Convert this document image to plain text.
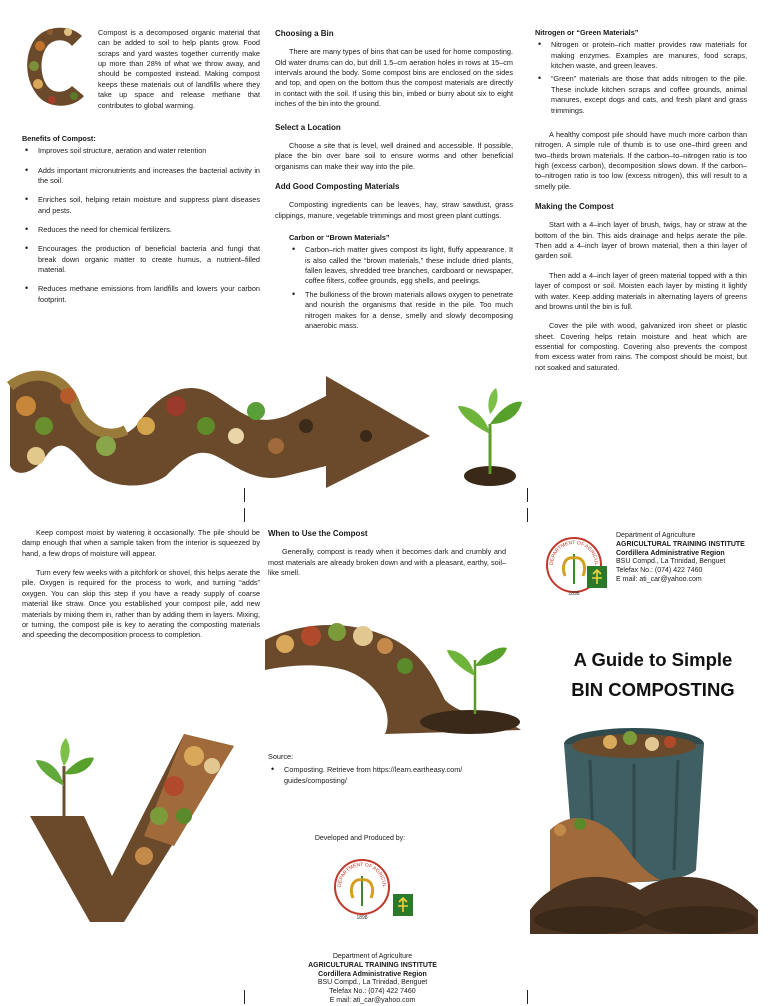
Compost is a decomposed organic material that can be added to soil to help plants grow. Food scraps and yard wastes together currently make up more than 28% of what we throw away, and should be composted instead. Making compost keeps these materials out of landfills where they take up space and release methane that contributes to global warming.

Benefits of Compost:
• Improves soil structure, aeration and water retention
• Adds important micronutrients and increases the bacterial activity in the soil.
• Enriches soil, helping retain moisture and suppress plant diseases and pests.
• Reduces the need for chemical fertilizers.
• Encourages the production of beneficial bacteria and fungi that break down organic matter to create humus, a nutrient–filled material.
• Reduces methane emissions from landfills and lowers your carbon footprint.
Choosing a Bin

There are many types of bins that can be used for home composting. Old water drums can do, but drill 1.5–cm aeration holes in rows at 15–cm intervals around the body. Some compost bins are enclosed on the sides and top, and open on the bottom thus the compost materials are directly in contact with the soil. If using this bin, imbed or burry about six to eight inches of the bin into the ground.

Select a Location

Choose a site that is level, well drained and accessible. If possible, place the bin over bare soil to ensure worms and other beneficial organisms can make their way into the pile.

Add Good Composting Materials

Composting ingredients can be leaves, hay, straw sawdust, grass clippings, manure, vegetable trimmings and most green plant cuttings.

Carbon or “Brown Materials”
• Carbon–rich matter gives compost its light, fluffy appearance. It is also called the “brown materials,” these include dried plants, fallen leaves, shredded tree branches, cardboard or newspaper, coffee filters, coffee grounds, egg shells, and peelings.
• The bulkiness of the brown materials allows oxygen to penetrate and nourish the organisms that reside in the pile. Too much nitrogen makes for a dense, smelly and slowly decomposing anaerobic mass.
Nitrogen or “Green Materials”
• Nitrogen or protein–rich matter provides raw materials for making enzymes. Examples are manures, food scraps, kitchen waste, and green leaves.
• “Green” materials are those that adds nitrogen to the pile. These include kitchen scraps and coffee grounds, animal manures, except dogs and cats, and fresh plant and grass trimmings.

A healthy compost pile should have much more carbon than nitrogen. A simple rule of thumb is to use one–third green and two–thirds brown materials. If the carbon–to–nitrogen ratio is too high (excess carbon), decomposition slows down. If the carbon–to–nitrogen ratio is too low (excess nitrogen), this will result to a smelly pile.

Making the Compost

Start with a 4–inch layer of brush, twigs, hay or straw at the bottom of the bin. This aids drainage and helps aerate the pile. Then add a 4–inch layer of brown material, then a thin layer of garden soil.

Then add a 4–inch layer of green material topped with a thin layer of compost or soil. Moisten each layer by misting it lightly with water. Keep adding materials in alternating layers of greens and browns until the bin is full.

Cover the pile with wood, galvanized iron sheet or plastic sheet. Covering helps retain moisture and heat which are essential for composting. Covering also prevents the compost from excess water from rains. The compost should be moist, but not soaked and saturated.

Keep compost moist by watering it occasionally. The pile should be damp enough that when a sample taken from the interior is squeezed by hand, a few drops of moisture will appear.

Turn every few weeks with a pitchfork or shovel, this helps aerate the pile. Oxygen is required for the process to work, and turning “adds” oxygen. You can skip this step if you have a ready supply of coarse material like straw. Once you established your compost pile, add new materials by mixing them in, rather than by adding them in layers. Mixing, or turning, the compost pile is key to aerating the composting materials and speeding the decomposition process to completion.

When to Use the Compost

Generally, compost is ready when it becomes dark and crumbly and most materials are already broken down and with a pleasant, earthy, soil–like smell.

Source:

• Composting. Retrieve from https://learn.eartheasy.com/ guides/composting/
Developed and Produced by:
DEPARTMENT OF AGRICUL
1898
Department of Agriculture
AGRICULTURAL TRAINING INSTITUTE
Cordillera Administrative Region
BSU Compd., La Trinidad, Benguet
Telefax No.: (074) 422 7460
E mail: ati_car@yahoo.com
DEPARTMENT OF AGRICUL
1898
Department of Agriculture
AGRICULTURAL TRAINING INSTITUTE
Cordillera Administrative Region
BSU Compd., La Trinidad, Benguet
Telefax No.: (074) 422 7460
E mail: ati_car@yahoo.com
A Guide to Simple
BIN COMPOSTING
